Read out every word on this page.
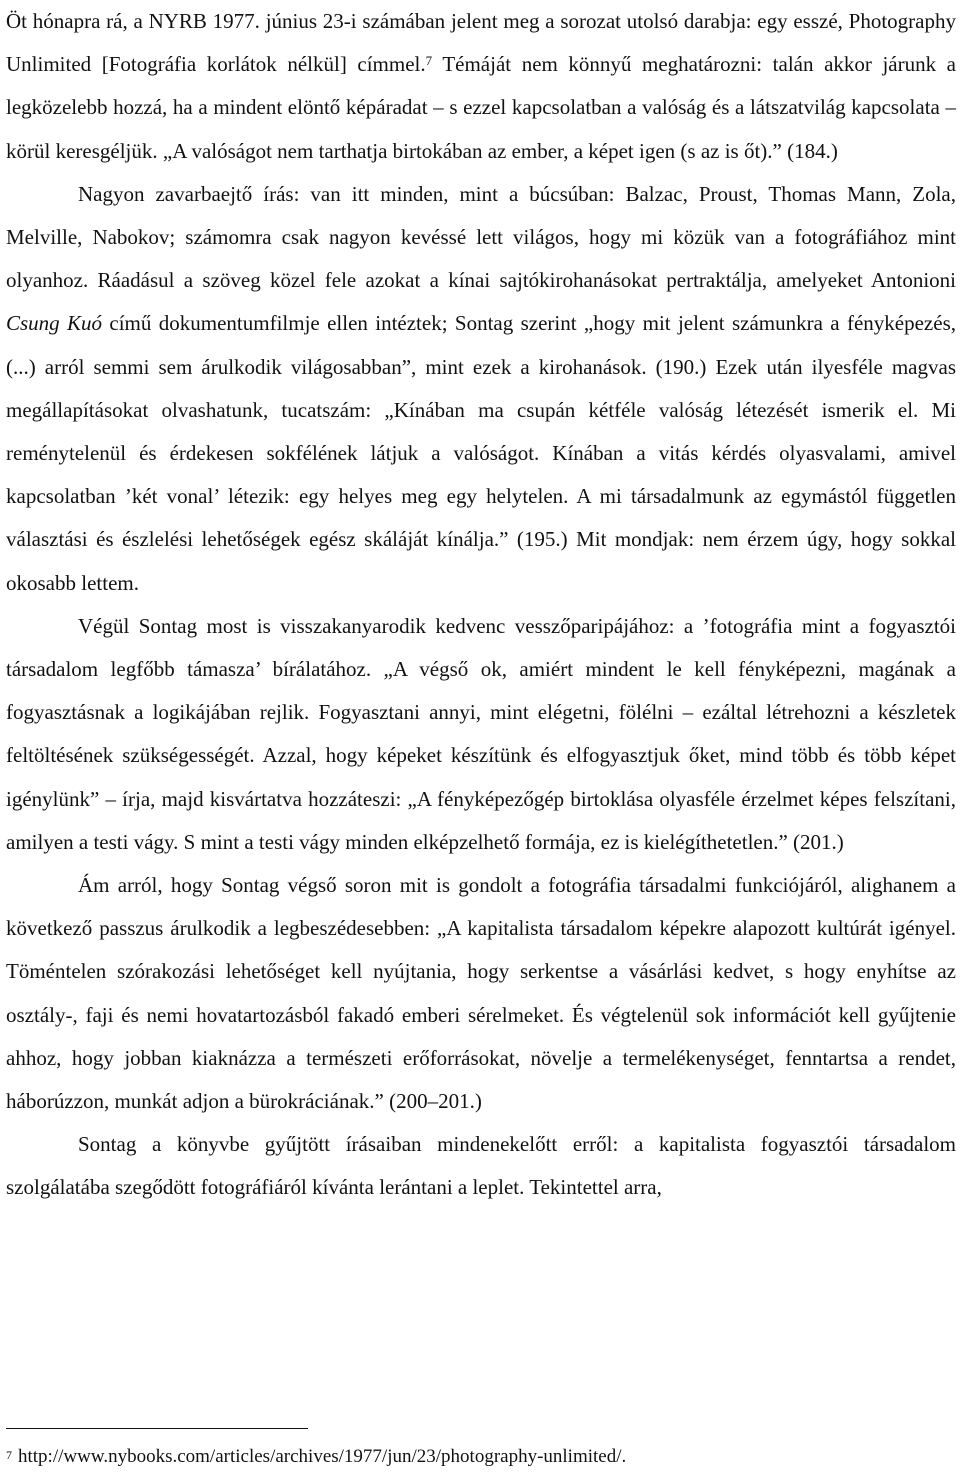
Öt hónapra rá, a NYRB 1977. június 23-i számában jelent meg a sorozat utolsó darabja: egy esszé, Photography Unlimited [Fotográfia korlátok nélkül] címmel.$^7$ Témáját nem könnyű meghatározni: talán akkor járunk a legközelebb hozzá, ha a mindent elöntő képáradat – s ezzel kapcsolatban a valóság és a látszatvilág kapcsolata – körül keresgéljük. „A valóságot nem tarthatja birtokában az ember, a képet igen (s az is őt).” (184.)

Nagyon zavarbaejtő írás: van itt minden, mint a búcsúban: Balzac, Proust, Thomas Mann, Zola, Melville, Nabokov; számomra csak nagyon kevéssé lett világos, hogy mi közük van a fotográfiához mint olyanhoz. Ráadásul a szöveg közel fele azokat a kínai sajtókirohanásokat pertraktálja, amelyeket Antonioni Csung Kuó című dokumentumfilmje ellen intéztek; Sontag szerint „hogy mit jelent számunkra a fényképezés, (...) arról semmi sem árulkodik világosabban”, mint ezek a kirohanások. (190.) Ezek után ilyesféle magvas megállapításokat olvashatunk, tucatszám: „Kínában ma csupán kétféle valóság létezését ismerik el. Mi reménytelenül és érdekesen sokfélének látjuk a valóságot. Kínában a vitás kérdés olyasvalami, amivel kapcsolatban ’két vonal’ létezik: egy helyes meg egy helytelen. A mi társadalmunk az egymástól független választási és észlelési lehetőségek egész skáláját kínálja.” (195.) Mit mondjak: nem érzem úgy, hogy sokkal okosabb lettem.

Végül Sontag most is visszakanyarodik kedvenc vesszőparipájához: a ’fotográfia mint a fogyasztói társadalom legfőbb támasza’ bírálatához. „A végső ok, amiért mindent le kell fényképezni, magának a fogyasztásnak a logikájában rejlik. Fogyasztani annyi, mint elégetni, fölélni – ezáltal létrehozni a készletek feltöltésének szükségességét. Azzal, hogy képeket készítünk és elfogyasztjuk őket, mind több és több képet igénylünk” – írja, majd kisvártatva hozzáteszi: „A fényképezőgép birtoklása olyasféle érzelmet képes felszítani, amilyen a testi vágy. S mint a testi vágy minden elképzelhető formája, ez is kielégíthetetlen.” (201.)

Ám arról, hogy Sontag végső soron mit is gondolt a fotográfia társadalmi funkciójáról, alighanem a következő passzus árulkodik a legbeszédesebben: „A kapitalista társadalom képekre alapozott kultúrát igényel. Töméntelen szórakozási lehetőséget kell nyújtania, hogy serkentse a vásárlási kedvet, s hogy enyhítse az osztály-, faji és nemi hovatartozásból fakadó emberi sérelmeket. És végtelenül sok információt kell gyűjtenie ahhoz, hogy jobban kiaknázza a természeti erőforrásokat, növelje a termelékenységet, fenntartsa a rendet, háborúzzon, munkát adjon a bürokráciának.” (200–201.)

Sontag a könyvbe gyűjtött írásaiban mindenekelőtt erről: a kapitalista fogyasztói társadalom szolgálatába szegődött fotográfiáról kívánta lerántani a leplet. Tekintettel arra,

$^7$ http://www.nybooks.com/articles/archives/1977/jun/23/photography-unlimited/.
